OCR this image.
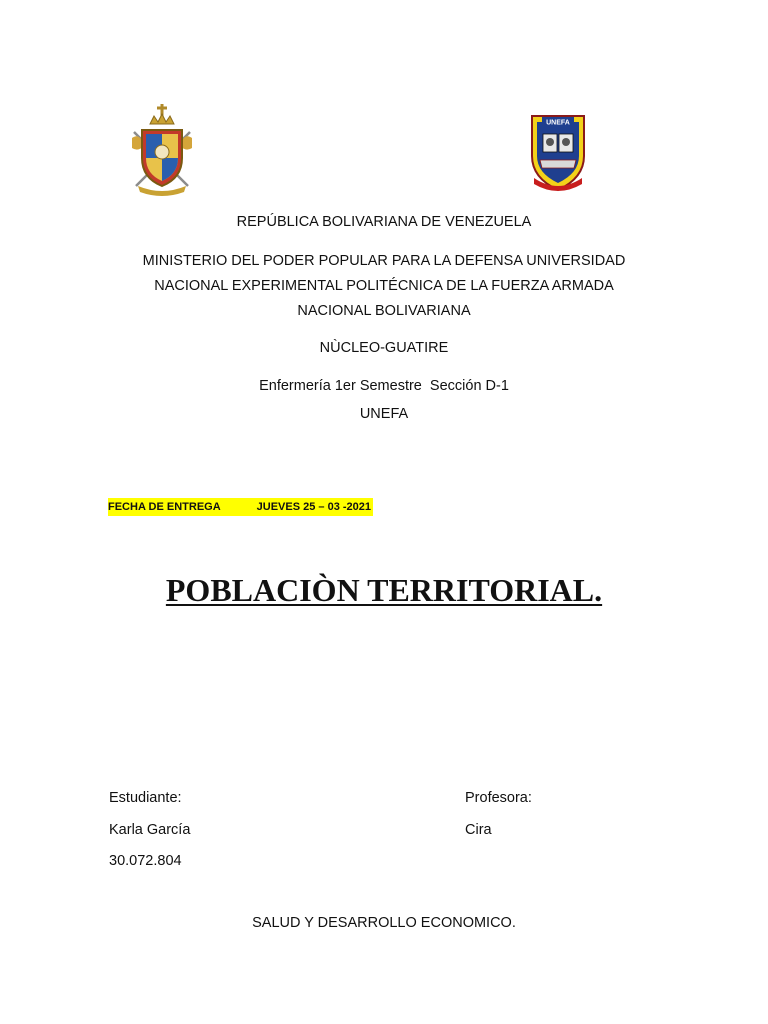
UNEFA
REPÚBLICA BOLIVARIANA DE VENEZUELA
MINISTERIO DEL PODER POPULAR PARA LA DEFENSA UNIVERSIDAD
NACIONAL EXPERIMENTAL POLITÉCNICA DE LA FUERZA ARMADA
NACIONAL BOLIVARIANA
NÙCLEO-GUATIRE
Enfermería 1er Semestre  Sección D-1
UNEFA
FECHA DE ENTREGA	JUEVES 25 – 03 -2021
POBLACIÒN TERRITORIAL.
Estudiante:	Profesora:
Karla García	Cira
30.072.804
SALUD Y DESARROLLO ECONOMICO.
